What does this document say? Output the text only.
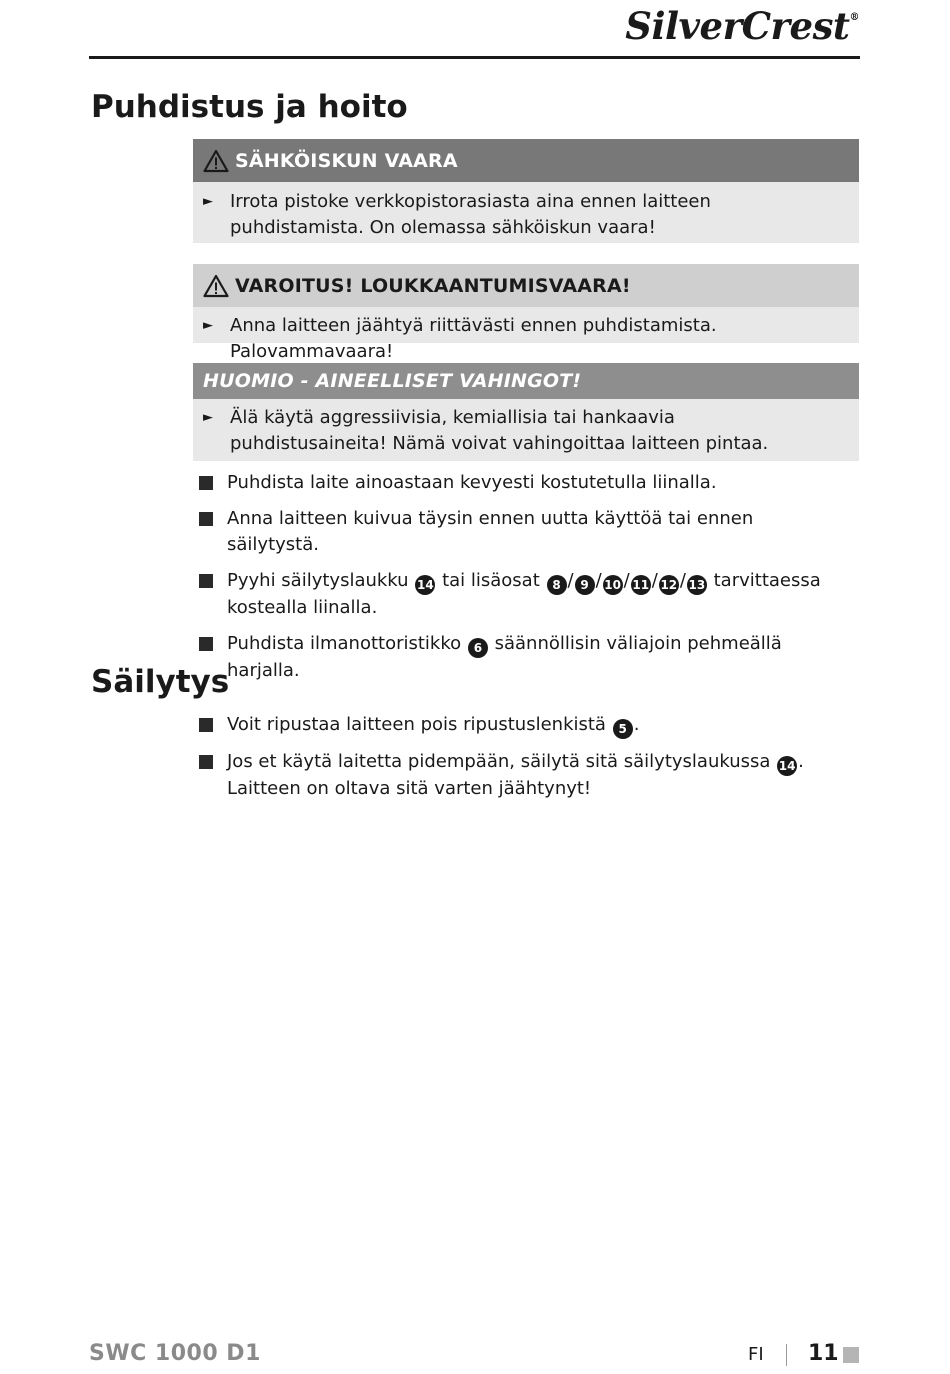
SilverCrest®
Puhdistus ja hoito
SÄHKÖISKUN VAARA
► Irrota pistoke verkkopistorasiasta aina ennen laitteen puhdistamista. On olemassa sähköiskun vaara!
VAROITUS! LOUKKAANTUMISVAARA!
► Anna laitteen jäähtyä riittävästi ennen puhdistamista. Palovammavaara!
HUOMIO - AINEELLISET VAHINGOT!
► Älä käytä aggressiivisia, kemiallisia tai hankaavia puhdistusaineita! Nämä voivat vahingoittaa laitteen pintaa.
Puhdista laite ainoastaan kevyesti kostutetulla liinalla.
Anna laitteen kuivua täysin ennen uutta käyttöä tai ennen säilytystä.
Pyyhi säilytyslaukku 14 tai lisäosat 8 / 9 / 10 / 11 / 12 / 13 tarvittaessa kostealla liinalla.
Puhdista ilmanottoristikko 6 säännöllisin väliajoin pehmeällä harjalla.
Säilytys
Voit ripustaa laitteen pois ripustuslenkistä 5 .
Jos et käytä laitetta pidempään, säilytä sitä säilytyslaukussa 14 .
Laitteen on oltava sitä varten jäähtynyt!
SWC 1000 D1	FI 11
